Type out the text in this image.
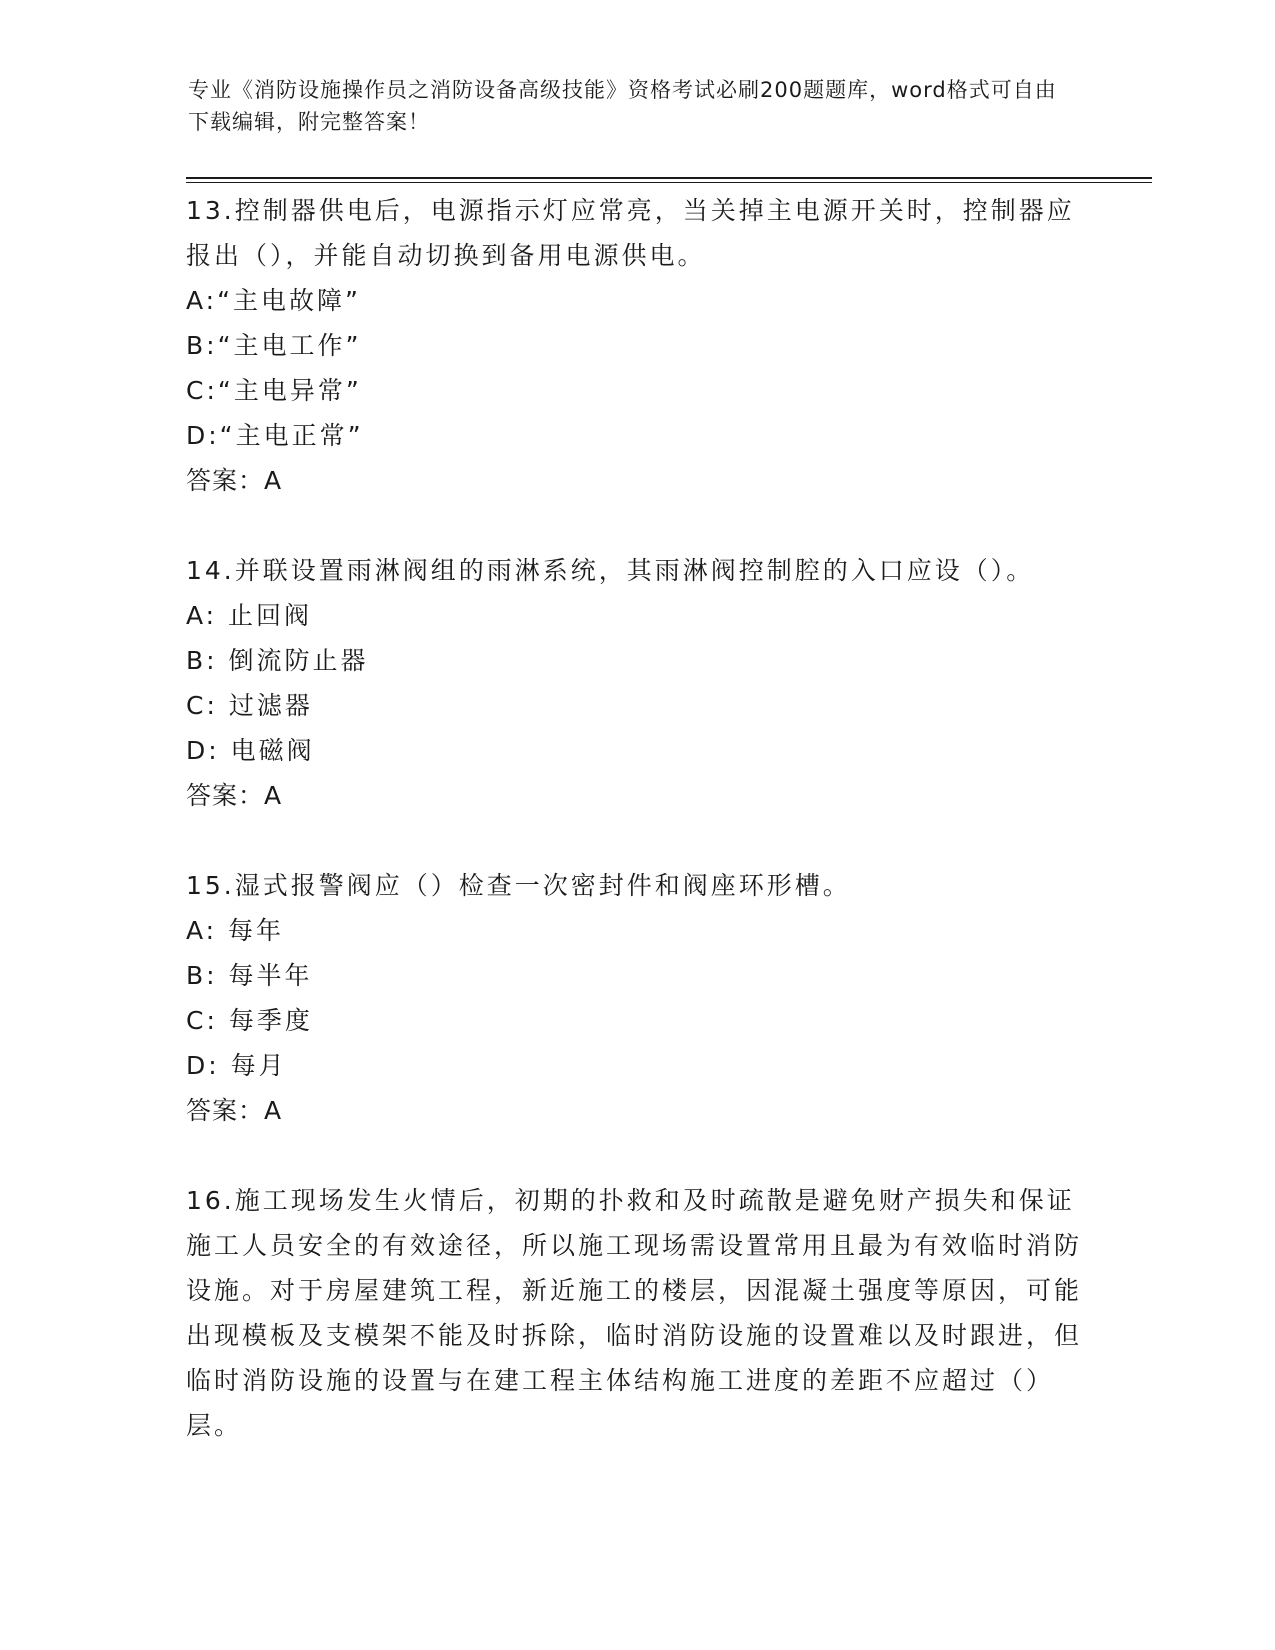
专业《消防设施操作员之消防设备高级技能》资格考试必刷200题题库，word格式可自由下载编辑，附完整答案！
13.控制器供电后，电源指示灯应常亮，当关掉主电源开关时，控制器应报出（），并能自动切换到备用电源供电。
A:“主电故障”
B:“主电工作”
C:“主电异常”
D:“主电正常”
答案：A
14.并联设置雨淋阀组的雨淋系统，其雨淋阀控制腔的入口应设（）。
A: 止回阀
B: 倒流防止器
C: 过滤器
D: 电磁阀
答案：A
15.湿式报警阀应（）检查一次密封件和阀座环形槽。
A: 每年
B: 每半年
C: 每季度
D: 每月
答案：A
16.施工现场发生火情后，初期的扑救和及时疏散是避免财产损失和保证施工人员安全的有效途径，所以施工现场需设置常用且最为有效临时消防设施。对于房屋建筑工程，新近施工的楼层，因混凝土强度等原因，可能出现模板及支模架不能及时拆除，临时消防设施的设置难以及时跟进，但临时消防设施的设置与在建工程主体结构施工进度的差距不应超过（）层。
